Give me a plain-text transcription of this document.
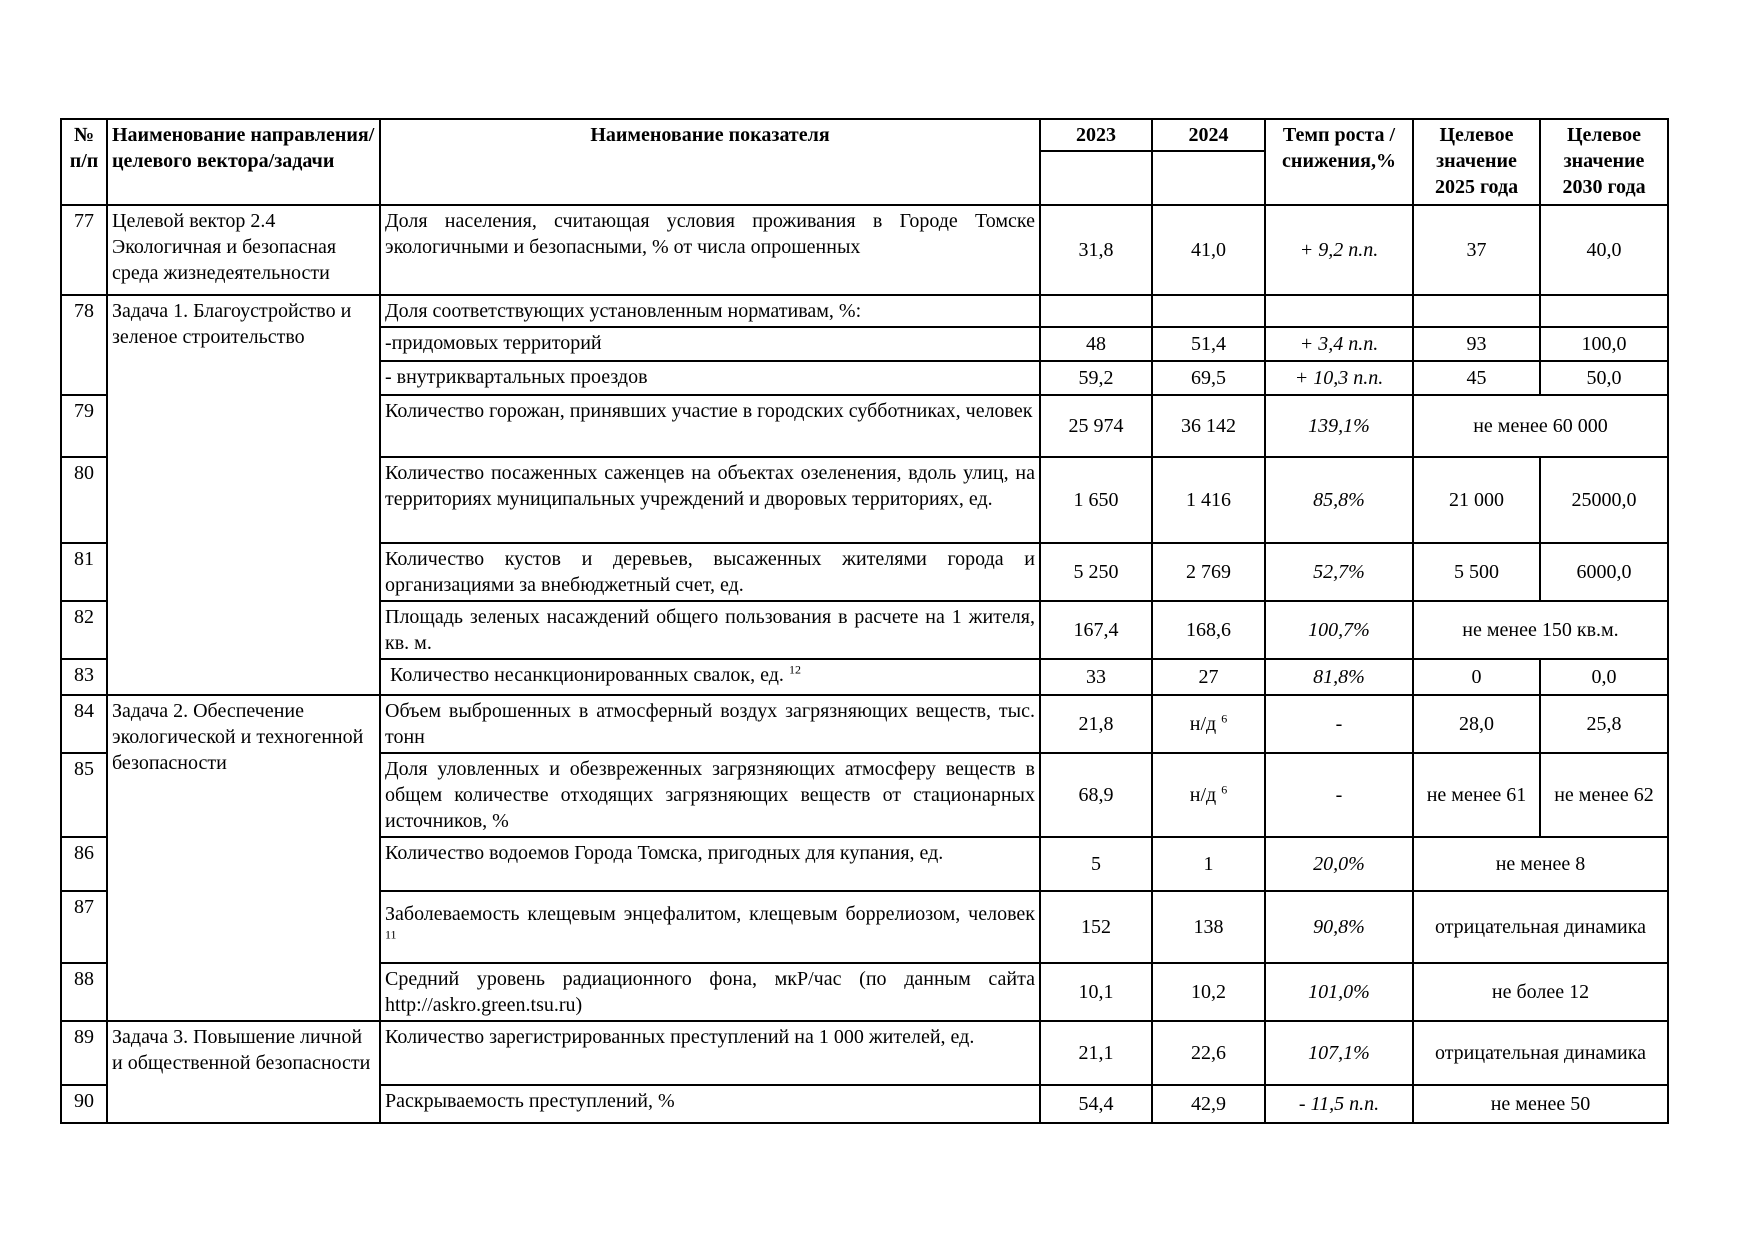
№ п/п	Наименование направления/целевого вектора/задачи	Наименование показателя	2023	2024	Темп роста / снижения,%	Целевое значение 2025 года	Целевое значение 2030 года

77	Целевой вектор 2.4 Экологичная и безопасная среда жизнедеятельности	Доля населения, считающая условия проживания в Городе Томске экологичными и безопасными, % от числа опрошенных	31,8	41,0	+ 9,2 п.п.	37	40,0
78	Задача 1. Благоустройство и зеленое строительство	Доля соответствующих установленным нормативам, %:					
		-придомовых территорий	48	51,4	+ 3,4 п.п.	93	100,0
		- внутриквартальных проездов	59,2	69,5	+ 10,3 п.п.	45	50,0
79		Количество горожан, принявших участие в городских субботниках, человек	25 974	36 142	139,1%	не менее 60 000	
80		Количество посаженных саженцев на объектах озеленения, вдоль улиц, на территориях муниципальных учреждений и дворовых территориях, ед.	1 650	1 416	85,8%	21 000	25000,0
81		Количество кустов и деревьев, высаженных жителями города и организациями за внебюджетный счет, ед.	5 250	2 769	52,7%	5 500	6000,0
82		Площадь зеленых насаждений общего пользования в расчете на 1 жителя, кв. м.	167,4	168,6	100,7%	не менее 150 кв.м.	
83		Количество несанкционированных свалок, ед. $^{12}$	33	27	81,8%	0	0,0
84	Задача 2. Обеспечение экологической и техногенной безопасности	Объем выброшенных в атмосферный воздух загрязняющих веществ, тыс. тонн	21,8	н/д $^6$	-	28,0	25,8
85		Доля уловленных и обезвреженных загрязняющих атмосферу веществ в общем количестве отходящих загрязняющих веществ от стационарных источников, %	68,9	н/д $^6$	-	не менее 61	не менее 62
86		Количество водоемов Города Томска, пригодных для купания, ед.	5	1	20,0%	не менее 8	
87		Заболеваемость клещевым энцефалитом, клещевым боррелиозом, человек $^{11}$	152	138	90,8%	отрицательная динамика	
88		Средний уровень радиационного фона, мкР/час (по данным сайта http://askro.green.tsu.ru)	10,1	10,2	101,0%	не более 12	
89	Задача 3. Повышение личной и общественной безопасности	Количество зарегистрированных преступлений на 1 000 жителей, ед.	21,1	22,6	107,1%	отрицательная динамика	
90		Раскрываемость преступлений, %	54,4	42,9	- 11,5 п.п.	не менее 50	
